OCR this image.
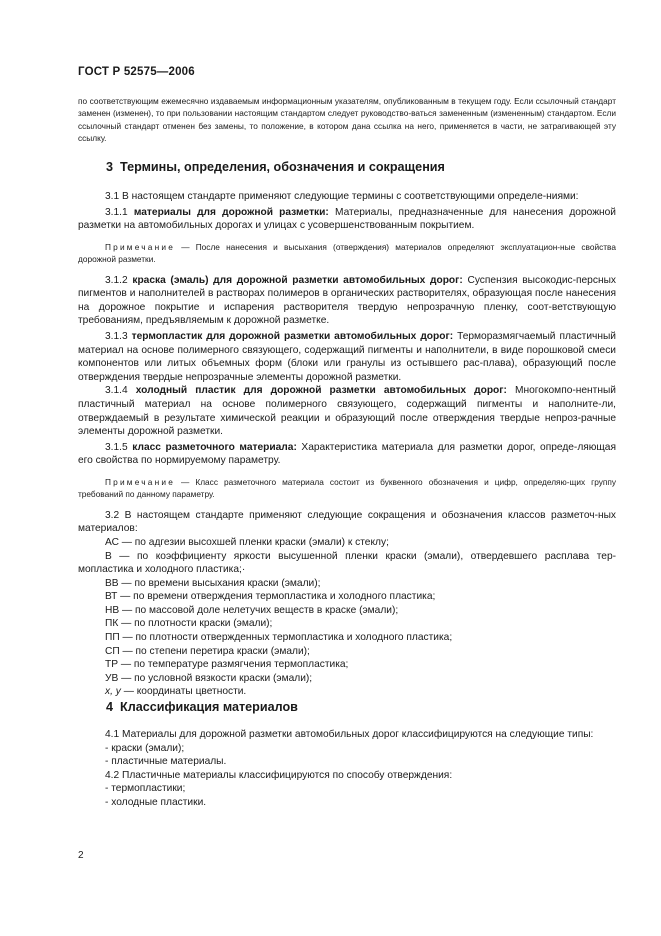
ГОСТ Р 52575—2006

по соответствующим ежемесячно издаваемым информационным указателям, опубликованным в текущем году. Если ссылочный стандарт заменен (изменен), то при пользовании настоящим стандартом следует руководство-ваться замененным (измененным) стандартом. Если ссылочный стандарт отменен без замены, то положение, в котором дана ссылка на него, применяется в части, не затрагивающей эту ссылку.

3 Термины, определения, обозначения и сокращения

3.1 В настоящем стандарте применяют следующие термины с соответствующими определе-ниями:

3.1.1 материалы для дорожной разметки: Материалы, предназначенные для нанесения дорожной разметки на автомобильных дорогах и улицах с усовершенствованным покрытием.

Примечание — После нанесения и высыхания (отверждения) материалов определяют эксплуатацион-ные свойства дорожной разметки.

3.1.2 краска (эмаль) для дорожной разметки автомобильных дорог: Суспензия высокодис-персных пигментов и наполнителей в растворах полимеров в органических растворителях, образующая после нанесения на дорожное покрытие и испарения растворителя твердую непрозрачную пленку, соот-ветствующую требованиям, предъявляемым к дорожной разметке.

3.1.3 термопластик для дорожной разметки автомобильных дорог: Терморазмягчаемый пластичный материал на основе полимерного связующего, содержащий пигменты и наполнители, в виде порошковой смеси компонентов или литых объемных форм (блоки или гранулы из остывшего рас-плава), образующий после отверждения твердые непрозрачные элементы дорожной разметки.

3.1.4 холодный пластик для дорожной разметки автомобильных дорог: Многокомпо-нентный пластичный материал на основе полимерного связующего, содержащий пигменты и наполните-ли, отверждаемый в результате химической реакции и образующий после отверждения твердые непроз-рачные элементы дорожной разметки.

3.1.5 класс разметочного материала: Характеристика материала для разметки дорог, опреде-ляющая его свойства по нормируемому параметру.

Примечание — Класс разметочного материала состоит из буквенного обозначения и цифр, определяю-щих группу требований по данному параметру.

3.2 В настоящем стандарте применяют следующие сокращения и обозначения классов разметоч-ных материалов:

АС — по адгезии высохшей пленки краски (эмали) к стеклу;

В — по коэффициенту яркости высушенной пленки краски (эмали), отвердевшего расплава тер-мопластика и холодного пластика;·

ВВ — по времени высыхания краски (эмали);

ВТ — по времени отверждения термопластика и холодного пластика;

НВ — по массовой доле нелетучих веществ в краске (эмали);

ПК — по плотности краски (эмали);

ПП — по плотности отвержденных термопластика и холодного пластика;

СП — по степени перетира краски (эмали);

ТР — по температуре размягчения термопластика;

УВ — по условной вязкости краски (эмали);

х, у — координаты цветности.

4 Классификация материалов

4.1 Материалы для дорожной разметки автомобильных дорог классифицируются на следующие типы:

- краски (эмали);

- пластичные материалы.

4.2 Пластичные материалы классифицируются по способу отверждения:

- термопластики;

- холодные пластики.

2
